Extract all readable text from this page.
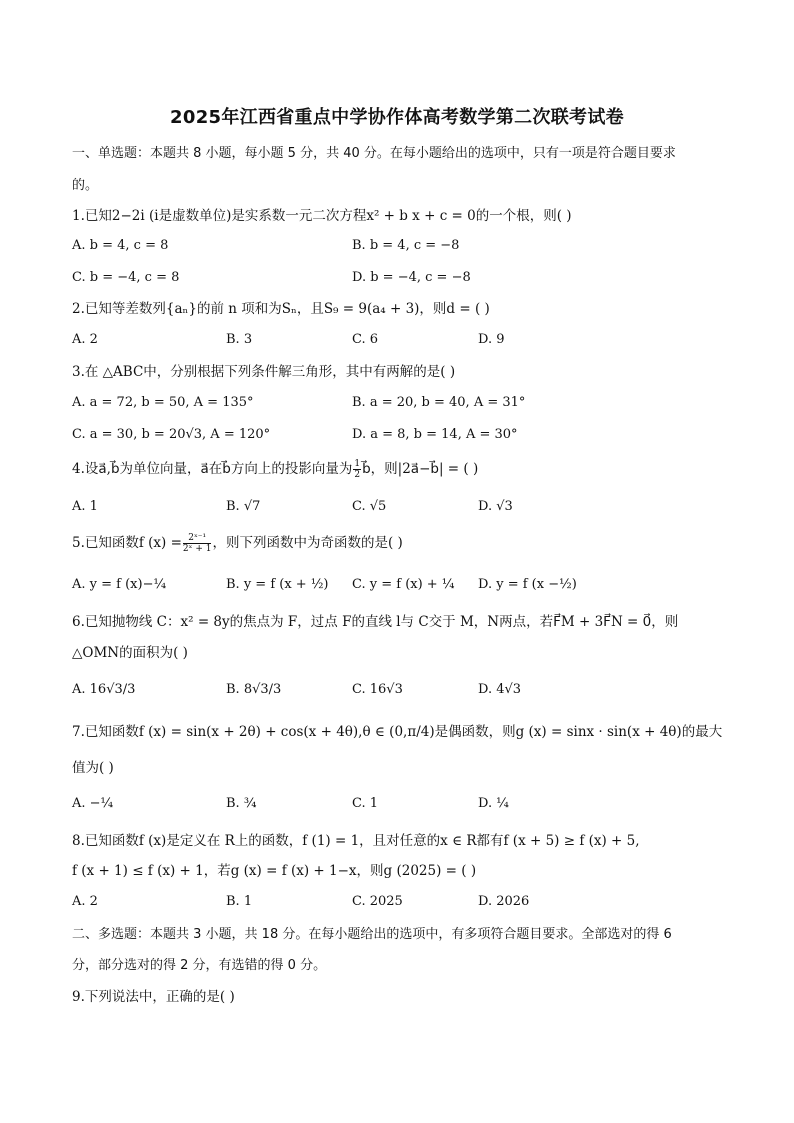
2025年江西省重点中学协作体高考数学第二次联考试卷
一、单选题：本题共 8 小题，每小题 5 分，共 40 分。在每小题给出的选项中，只有一项是符合题目要求
的。
1.已知2−2i (i是虚数单位)是实系数一元二次方程x² + b x + c = 0的一个根，则( )
A. b = 4, c = 8	B. b = 4, c = −8
C. b = −4, c = 8	D. b = −4, c = −8
2.已知等差数列{aₙ}的前 n 项和为Sₙ，且S₉ = 9(a₄ + 3)，则d = ( )
A. 2	B. 3	C. 6	D. 9
3.在 △ABC中，分别根据下列条件解三角形，其中有两解的是( )
A. a = 72, b = 50, A = 135°	B. a = 20, b = 40, A = 31°
C. a = 30, b = 20√3, A = 120°	D. a = 8, b = 14, A = 30°
4.设a⃗,b⃗为单位向量，a⃗在b⃗方向上的投影向量为 $\frac{1}{2}$ b⃗，则|2a⃗−b⃗| = ( )
A. 1	B. √7	C. √5	D. √3
5.已知函数f $(x) = \frac{\text{2ˣ⁻¹}}{\text{2ˣ + 1}}$ ，则下列函数中为奇函数的是( )
A. y = f (x)−¼	B. y = f (x + ½) C. y = f (x) + ¼ D. y = f (x −½)
6.已知抛物线 C：x² = 8y的焦点为 F，过点 F的直线 l与 C交于 M，N两点，若F⃗M + 3F⃗N = 0⃗，则
△OMN的面积为( )
A. 16√3/3	B. 8√3/3	C. 16√3	D. 4√3
7.已知函数f (x) = sin(x + 2θ) + cos(x + 4θ),θ ∈ (0,π/4)是偶函数，则g (x) = sinx · sin(x + 4θ)的最大
值为( )
A. −¼	B. ¾	C. 1	D. ¼
8.已知函数f (x)是定义在 R上的函数，f (1) = 1，且对任意的x ∈ R都有f (x + 5) ≥ f (x) + 5,
f (x + 1) ≤ f (x) + 1，若g (x) = f (x) + 1−x，则g (2025) = ( )
A. 2	B. 1	C. 2025	D. 2026
二、多选题：本题共 3 小题，共 18 分。在每小题给出的选项中，有多项符合题目要求。全部选对的得 6
分，部分选对的得 2 分，有选错的得 0 分。
9.下列说法中，正确的是( )
